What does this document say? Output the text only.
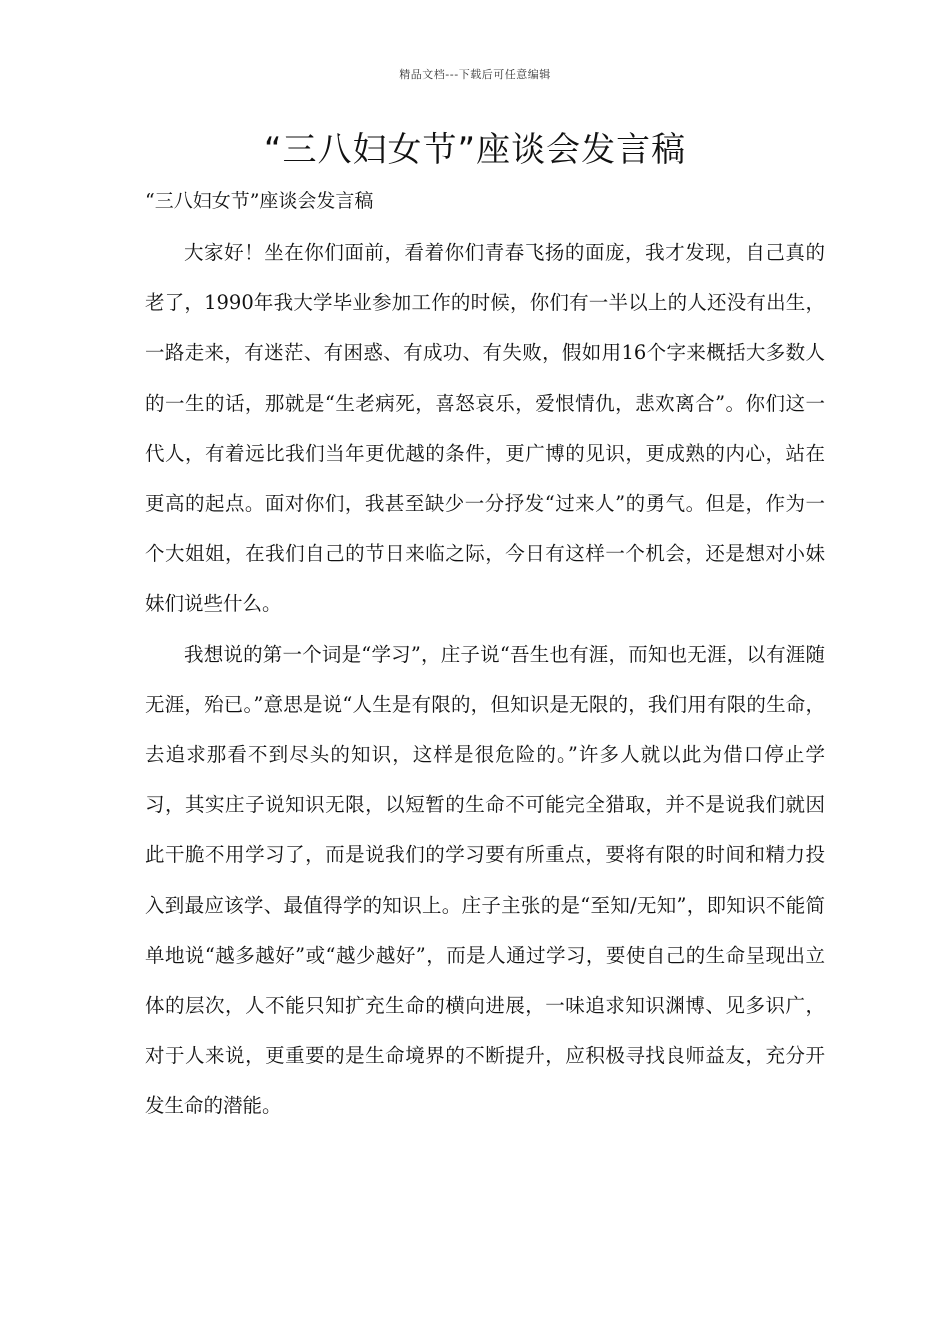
精品文档---下载后可任意编辑
“三八妇女节”座谈会发言稿
“三八妇女节”座谈会发言稿

大家好！坐在你们面前，看着你们青春飞扬的面庞，我才发现，自己真的老了，1990年我大学毕业参加工作的时候，你们有一半以上的人还没有出生，一路走来，有迷茫、有困惑、有成功、有失败，假如用16个字来概括大多数人的一生的话，那就是“生老病死，喜怒哀乐，爱恨情仇，悲欢离合”。你们这一代人，有着远比我们当年更优越的条件，更广博的见识，更成熟的内心，站在更高的起点。面对你们，我甚至缺少一分抒发“过来人”的勇气。但是，作为一个大姐姐，在我们自己的节日来临之际，今日有这样一个机会，还是想对小妹妹们说些什么。

我想说的第一个词是“学习”，庄子说“吾生也有涯，而知也无涯，以有涯随无涯，殆已。”意思是说“人生是有限的，但知识是无限的，我们用有限的生命，去追求那看不到尽头的知识，这样是很危险的。”许多人就以此为借口停止学习，其实庄子说知识无限，以短暂的生命不可能完全猎取，并不是说我们就因此干脆不用学习了，而是说我们的学习要有所重点，要将有限的时间和精力投入到最应该学、最值得学的知识上。庄子主张的是“至知/无知”，即知识不能简单地说“越多越好”或“越少越好”，而是人通过学习，要使自己的生命呈现出立体的层次，人不能只知扩充生命的横向进展，一味追求知识渊博、见多识广，对于人来说，更重要的是生命境界的不断提升，应积极寻找良师益友，充分开发生命的潜能。
